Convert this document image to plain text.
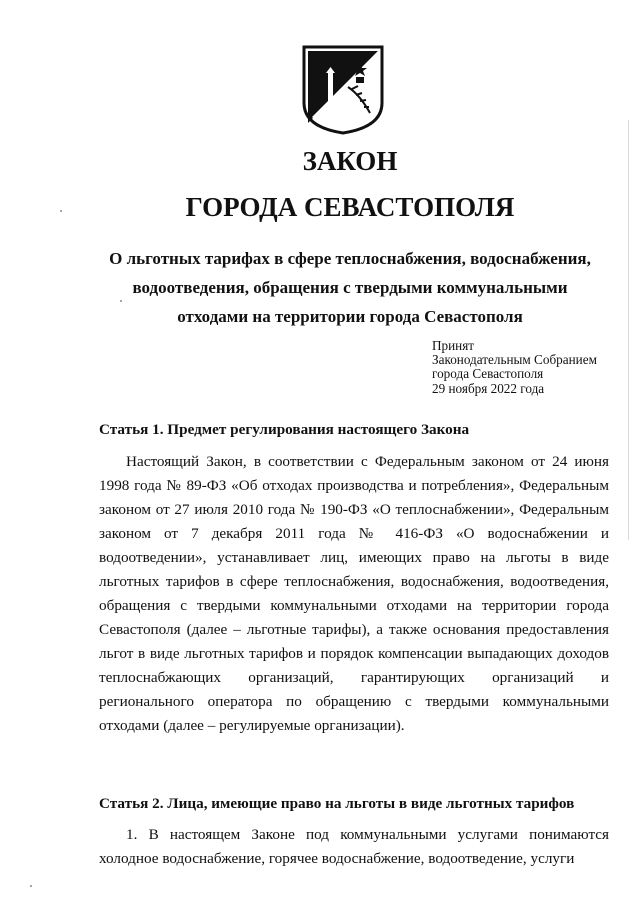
ЗАКОН
ГОРОДА СЕВАСТОПОЛЯ
О льготных тарифах в сфере теплоснабжения, водоснабжения, водоотведения, обращения с твердыми коммунальными отходами на территории города Севастополя
Принят
Законодательным Собранием
города Севастополя
29 ноября 2022 года
Статья 1. Предмет регулирования настоящего Закона

Настоящий Закон, в соответствии с Федеральным законом от 24 июня 1998 года № 89-ФЗ «Об отходах производства и потребления», Федеральным законом от 27 июля 2010 года № 190-ФЗ «О теплоснабжении», Федеральным законом от 7 декабря 2011 года № 416-ФЗ «О водоснабжении и водоотведении», устанавливает лиц, имеющих право на льготы в виде льготных тарифов в сфере теплоснабжения, водоснабжения, водоотведения, обращения с твердыми коммунальными отходами на территории города Севастополя (далее – льготные тарифы), а также основания предоставления льгот в виде льготных тарифов и порядок компенсации выпадающих доходов теплоснабжающих организаций, гарантирующих организаций и регионального оператора по обращению с твердыми коммунальными отходами (далее – регулируемые организации).

Статья 2. Лица, имеющие право на льготы в виде льготных тарифов

1. В настоящем Законе под коммунальными услугами понимаются холодное водоснабжение, горячее водоснабжение, водоотведение, услуги
